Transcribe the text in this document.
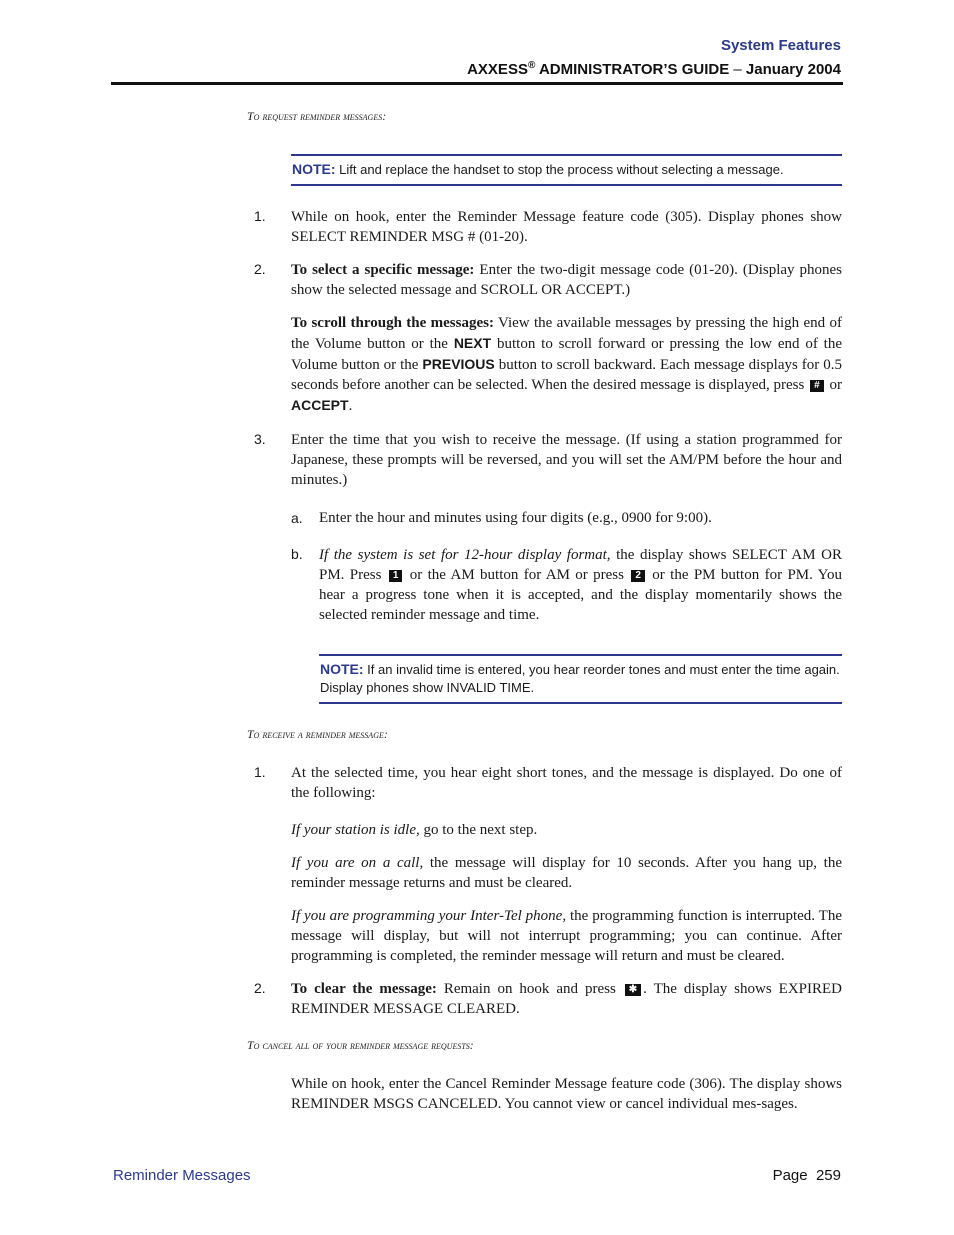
System Features
AXXESS® ADMINISTRATOR’S GUIDE – January 2004
To request reminder messages:
NOTE: Lift and replace the handset to stop the process without selecting a message.
1. While on hook, enter the Reminder Message feature code (305). Display phones show SELECT REMINDER MSG # (01-20).
2. To select a specific message: Enter the two-digit message code (01-20). (Display phones show the selected message and SCROLL OR ACCEPT.)
To scroll through the messages: View the available messages by pressing the high end of the Volume button or the NEXT button to scroll forward or pressing the low end of the Volume button or the PREVIOUS button to scroll backward. Each message displays for 0.5 seconds before another can be selected. When the desired message is displayed, press # or ACCEPT.
3. Enter the time that you wish to receive the message. (If using a station programmed for Japanese, these prompts will be reversed, and you will set the AM/PM before the hour and minutes.)
a. Enter the hour and minutes using four digits (e.g., 0900 for 9:00).
b. If the system is set for 12-hour display format, the display shows SELECT AM OR PM. Press 1 or the AM button for AM or press 2 or the PM button for PM. You hear a progress tone when it is accepted, and the display momentarily shows the selected reminder message and time.
NOTE: If an invalid time is entered, you hear reorder tones and must enter the time again. Display phones show INVALID TIME.
To receive a reminder message:
1. At the selected time, you hear eight short tones, and the message is displayed. Do one of the following:
If your station is idle, go to the next step.
If you are on a call, the message will display for 10 seconds. After you hang up, the reminder message returns and must be cleared.
If you are programming your Inter-Tel phone, the programming function is interrupted. The message will display, but will not interrupt programming; you can continue. After programming is completed, the reminder message will return and must be cleared.
2. To clear the message: Remain on hook and press ✱ . The display shows EXPIRED REMINDER MESSAGE CLEARED.
To cancel all of your reminder message requests:
While on hook, enter the Cancel Reminder Message feature code (306). The display shows REMINDER MSGS CANCELED. You cannot view or cancel individual mes-sages.
Reminder Messages	Page 259
